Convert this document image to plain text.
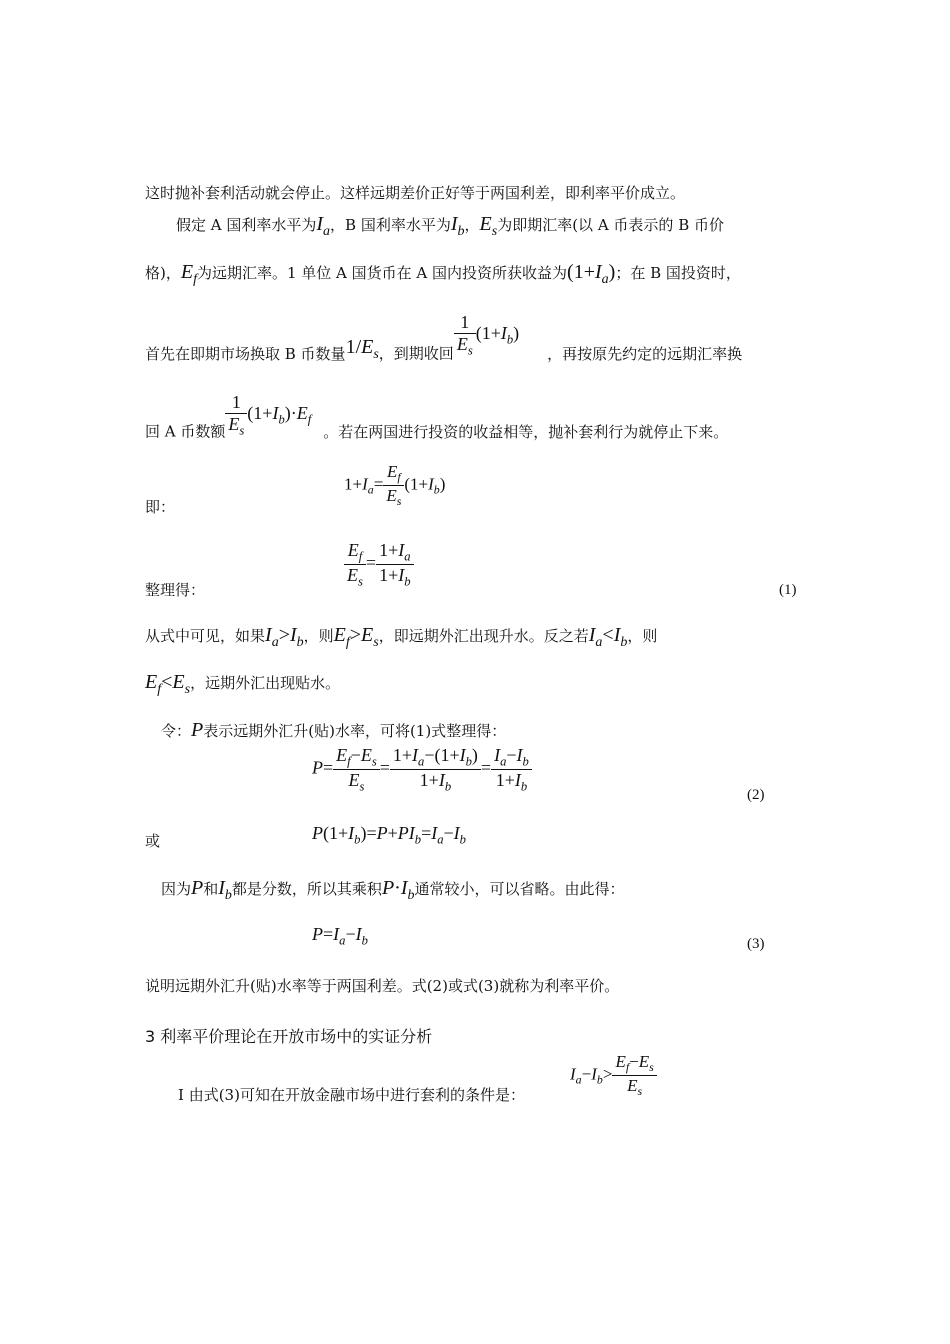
这时抛补套利活动就会停止。这样远期差价正好等于两国利差，即利率平价成立。
假定 A 国利率水平为$I_a$，B 国利率水平为$I_b$，$E_s$为即期汇率(以 A 币表示的 B 币价
格)，$E_f$为远期汇率。1 单位 A 国货币在 A 国内投资所获收益为$(1+I_a)$；在 B 国投资时，
首先在即期市场换取 B 币数量$1/E_s$，到期收回 $\frac{1}{E_s} (1+I_b)$，再按原先约定的远期汇率换
回 A 币数额 $\frac{1}{E_s} (1+I_b)\cdot E_f$。若在两国进行投资的收益相等，抛补套利行为就停止下来。
$1+I_a= \frac{E_f}{E_s} (1+I_b)$
即：
$\frac{E_f}{E_s} = \frac{1+I_a}{1+I_b}$
整理得：	(1)
从式中可见，如果$I_a>I_b$，则$E_f>E_s$，即远期外汇出现升水。反之若$I_a<I_b$，则
$E_f<E_s$，远期外汇出现贴水。
令：P表示远期外汇升(贴)水率，可将(1)式整理得：
$P= \frac{E_f-E_s}{E_s} = \frac{1+I_a-(1+I_b)}{1+I_b} = \frac{I_a-I_b}{1+I_b}$
(2)
$P(1+I_b)=P+PI_b=I_a-I_b$
或
因为P和$I_b$都是分数，所以其乘积$P\cdot I_b$通常较小，可以省略。由此得：
$P=I_a-I_b$	(3)
说明远期外汇升(贴)水率等于两国利差。式(2)或式(3)就称为利率平价。
3 利率平价理论在开放市场中的实证分析
$I_a-I_b> \frac{E_f-E_s}{E_s}$
Ⅰ 由式(3)可知在开放金融市场中进行套利的条件是：
